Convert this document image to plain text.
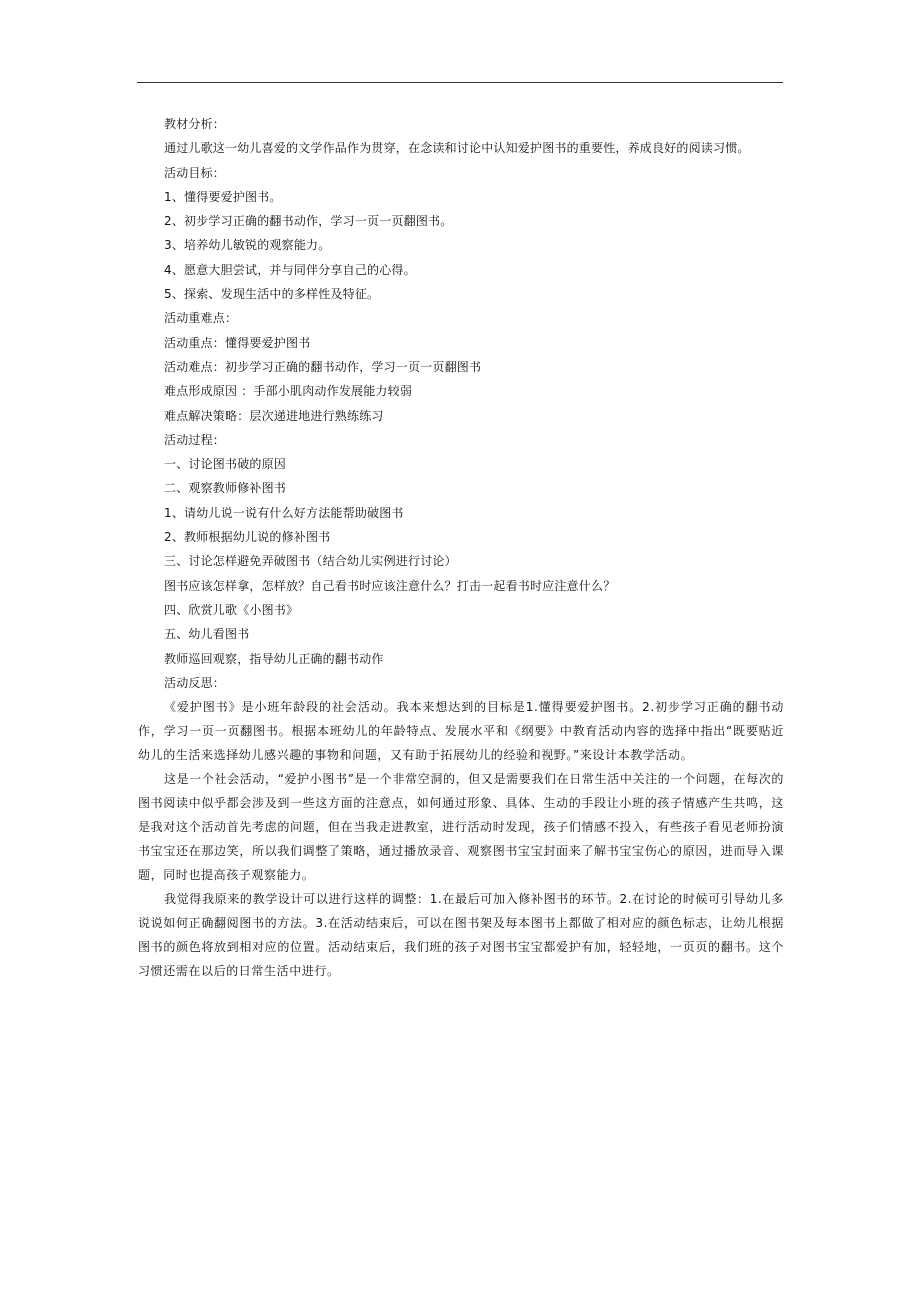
教材分析：

通过儿歌这一幼儿喜爱的文学作品作为贯穿，在念读和讨论中认知爱护图书的重要性，养成良好的阅读习惯。

活动目标：

1、懂得要爱护图书。

2、初步学习正确的翻书动作，学习一页一页翻图书。

3、培养幼儿敏锐的观察能力。

4、愿意大胆尝试，并与同伴分享自己的心得。

5、探索、发现生活中的多样性及特征。

活动重难点：

活动重点：懂得要爱护图书

活动难点：初步学习正确的翻书动作，学习一页一页翻图书

难点形成原因 ：手部小肌肉动作发展能力较弱

难点解决策略：层次递进地进行熟练练习

活动过程：

一、讨论图书破的原因

二、观察教师修补图书

1、请幼儿说一说有什么好方法能帮助破图书

2、教师根据幼儿说的修补图书

三、讨论怎样避免弄破图书（结合幼儿实例进行讨论）

图书应该怎样拿，怎样放？自己看书时应该注意什么？打击一起看书时应注意什么？

四、欣赏儿歌《小图书》

五、幼儿看图书

教师巡回观察，指导幼儿正确的翻书动作

活动反思：

《爱护图书》是小班年龄段的社会活动。我本来想达到的目标是1.懂得要爱护图书。2.初步学习正确的翻书动作，学习一页一页翻图书。根据本班幼儿的年龄特点、发展水平和《纲要》中教育活动内容的选择中指出“既要贴近幼儿的生活来选择幼儿感兴趣的事物和问题，又有助于拓展幼儿的经验和视野。”来设计本教学活动。

这是一个社会活动，“爱护小图书”是一个非常空洞的，但又是需要我们在日常生活中关注的一个问题，在每次的图书阅读中似乎都会涉及到一些这方面的注意点，如何通过形象、具体、生动的手段让小班的孩子情感产生共鸣，这是我对这个活动首先考虑的问题，但在当我走进教室，进行活动时发现，孩子们情感不投入，有些孩子看见老师扮演书宝宝还在那边笑，所以我们调整了策略，通过播放录音、观察图书宝宝封面来了解书宝宝伤心的原因，进而导入课题，同时也提高孩子观察能力。

我觉得我原来的教学设计可以进行这样的调整：1.在最后可加入修补图书的环节。2.在讨论的时候可引导幼儿多说说如何正确翻阅图书的方法。3.在活动结束后，可以在图书架及每本图书上都做了相对应的颜色标志，让幼儿根据图书的颜色将放到相对应的位置。活动结束后，我们班的孩子对图书宝宝都爱护有加，轻轻地，一页页的翻书。这个习惯还需在以后的日常生活中进行。
